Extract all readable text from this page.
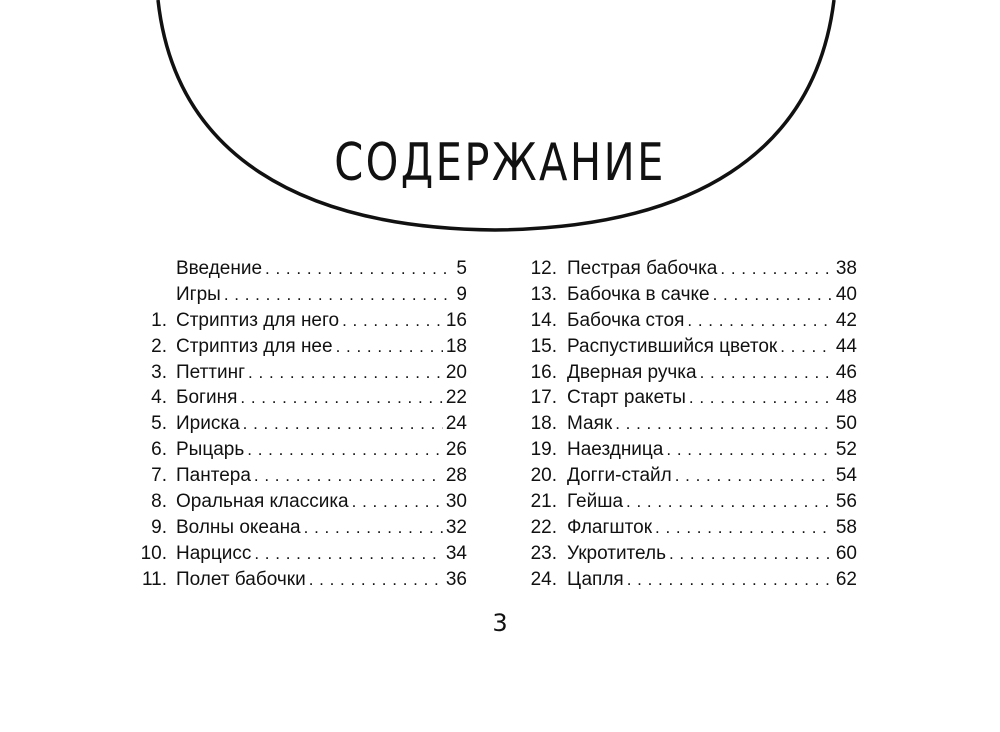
СОДЕРЖАНИЕ
Введение . . .	5
Игры . . .	9
1. Стриптиз для него . . .	16
2. Стриптиз для нее . . .	18
3. Петтинг . . .	20
4. Богиня . . .	22
5. Ириска . . .	24
6. Рыцарь . . .	26
7. Пантера . . .	28
8. Оральная классика . . .	30
9. Волны океана . . .	32
10. Нарцисс . . .	34
11. Полет бабочки . . .	36
12. Пестрая бабочка . . .	38
13. Бабочка в сачке . . .	40
14. Бабочка стоя . . .	42
15. Распустившийся цветок . . .	44
16. Дверная ручка . . .	46
17. Старт ракеты . . .	48
18. Маяк . . .	50
19. Наездница . . .	52
20. Догги-стайл . . .	54
21. Гейша . . .	56
22. Флагшток . . .	58
23. Укротитель . . .	60
24. Цапля . . .	62

3
